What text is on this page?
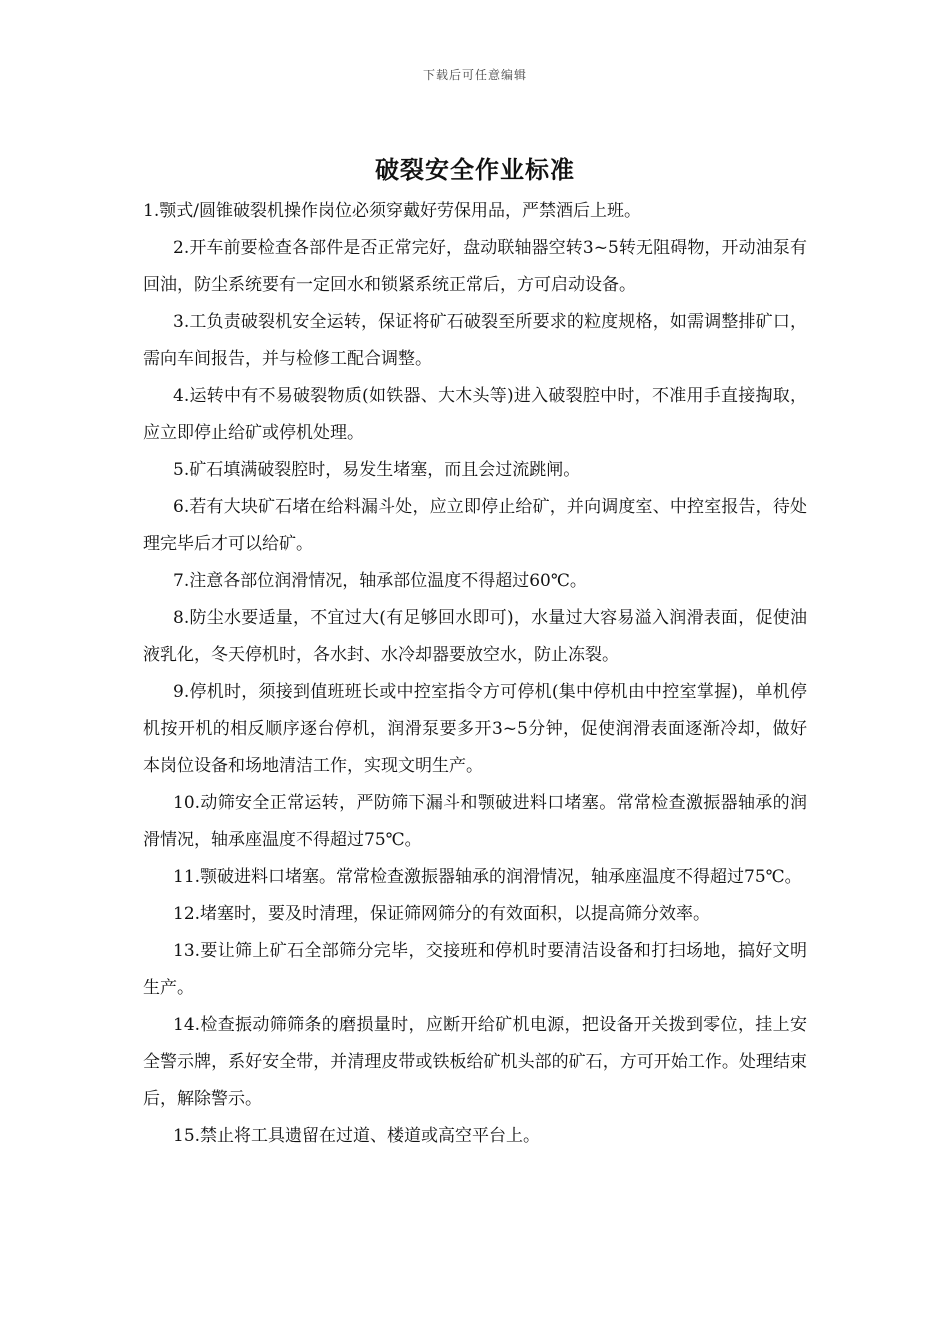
下载后可任意编辑
破裂安全作业标准

1.颚式/圆锥破裂机操作岗位必须穿戴好劳保用品，严禁酒后上班。

2.开车前要检查各部件是否正常完好，盘动联轴器空转3~5转无阻碍物，开动油泵有回油，防尘系统要有一定回水和锁紧系统正常后，方可启动设备。

3.工负责破裂机安全运转，保证将矿石破裂至所要求的粒度规格，如需调整排矿口，需向车间报告，并与检修工配合调整。

4.运转中有不易破裂物质(如铁器、大木头等)进入破裂腔中时，不准用手直接掏取，应立即停止给矿或停机处理。

5.矿石填满破裂腔时，易发生堵塞，而且会过流跳闸。

6.若有大块矿石堵在给料漏斗处，应立即停止给矿，并向调度室、中控室报告，待处理完毕后才可以给矿。

7.注意各部位润滑情况，轴承部位温度不得超过60℃。

8.防尘水要适量，不宜过大(有足够回水即可)，水量过大容易溢入润滑表面，促使油液乳化，冬天停机时，各水封、水冷却器要放空水，防止冻裂。

9.停机时，须接到值班班长或中控室指令方可停机(集中停机由中控室掌握)，单机停机按开机的相反顺序逐台停机，润滑泵要多开3~5分钟，促使润滑表面逐渐冷却，做好本岗位设备和场地清洁工作，实现文明生产。

10.动筛安全正常运转，严防筛下漏斗和颚破进料口堵塞。常常检查激振器轴承的润滑情况，轴承座温度不得超过75℃。

11.颚破进料口堵塞。常常检查激振器轴承的润滑情况，轴承座温度不得超过75℃。

12.堵塞时，要及时清理，保证筛网筛分的有效面积，以提高筛分效率。

13.要让筛上矿石全部筛分完毕，交接班和停机时要清洁设备和打扫场地，搞好文明生产。

14.检查振动筛筛条的磨损量时，应断开给矿机电源，把设备开关拨到零位，挂上安全警示牌，系好安全带，并清理皮带或铁板给矿机头部的矿石，方可开始工作。处理结束后，解除警示。

15.禁止将工具遗留在过道、楼道或高空平台上。
